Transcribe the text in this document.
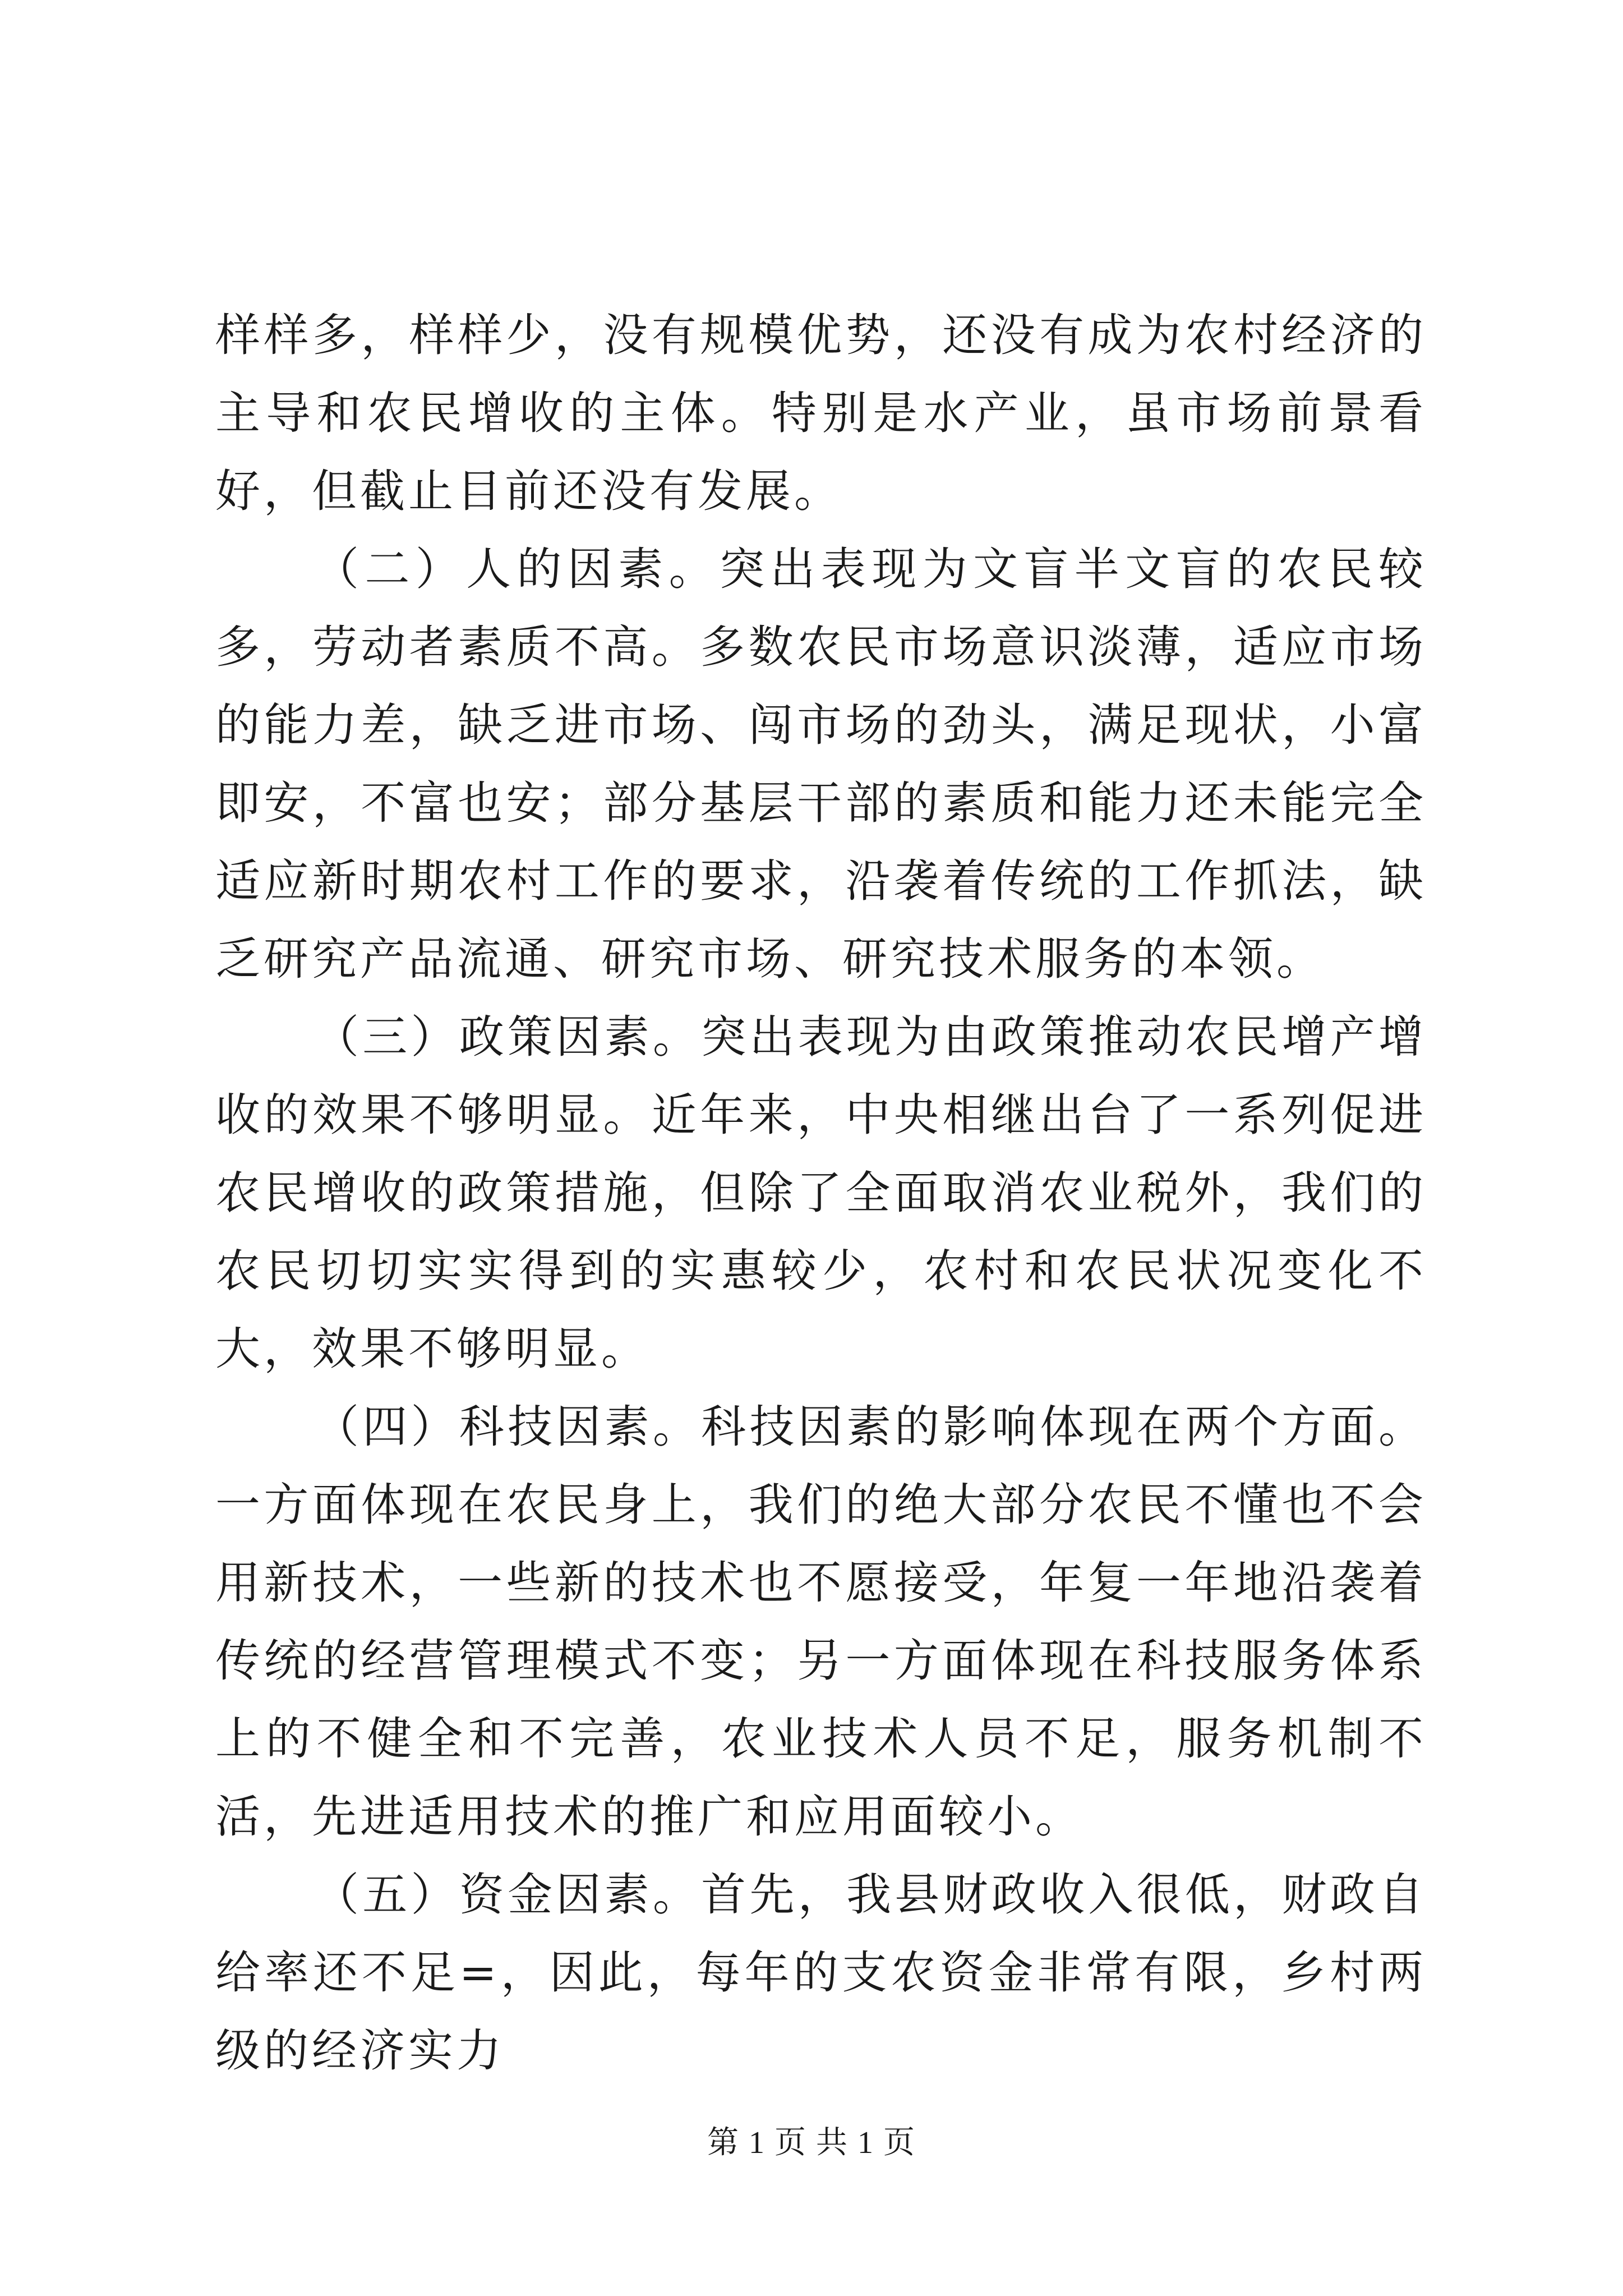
样样多，样样少，没有规模优势，还没有成为农村经济的主导和农民增收的主体。特别是水产业，虽市场前景看好，但截止目前还没有发展。

（二）人的因素。突出表现为文盲半文盲的农民较多，劳动者素质不高。多数农民市场意识淡薄，适应市场的能力差，缺乏进市场、闯市场的劲头，满足现状，小富即安，不富也安；部分基层干部的素质和能力还未能完全适应新时期农村工作的要求，沿袭着传统的工作抓法，缺乏研究产品流通、研究市场、研究技术服务的本领。

（三）政策因素。突出表现为由政策推动农民增产增收的效果不够明显。近年来，中央相继出台了一系列促进农民增收的政策措施，但除了全面取消农业税外，我们的农民切切实实得到的实惠较少，农村和农民状况变化不大，效果不够明显。

（四）科技因素。科技因素的影响体现在两个方面。一方面体现在农民身上，我们的绝大部分农民不懂也不会用新技术，一些新的技术也不愿接受，年复一年地沿袭着传统的经营管理模式不变；另一方面体现在科技服务体系上的不健全和不完善，农业技术人员不足，服务机制不活，先进适用技术的推广和应用面较小。

（五）资金因素。首先，我县财政收入很低，财政自给率还不足=，因此，每年的支农资金非常有限，乡村两级的经济实力

第 1 页 共 1 页
